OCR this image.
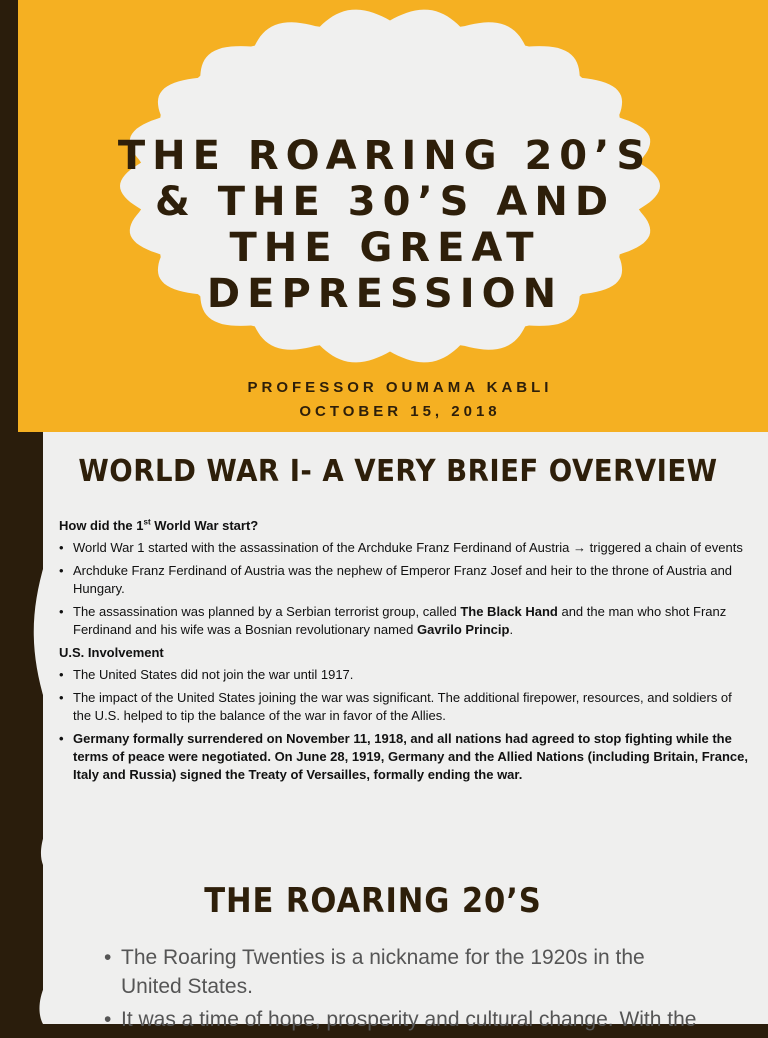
THE ROARING 20’S & THE 30’S AND THE GREAT DEPRESSION
PROFESSOR OUMAMA KABLI
OCTOBER 15, 2018
WORLD WAR I- A VERY BRIEF OVERVIEW
How did the 1st World War start?
• World War 1 started with the assassination of the Archduke Franz Ferdinand of Austria → triggered a chain of events
• Archduke Franz Ferdinand of Austria was the nephew of Emperor Franz Josef and heir to the throne of Austria and Hungary.
• The assassination was planned by a Serbian terrorist group, called The Black Hand and the man who shot Franz Ferdinand and his wife was a Bosnian revolutionary named Gavrilo Princip.
U.S. Involvement
• The United States did not join the war until 1917.
• The impact of the United States joining the war was significant. The additional firepower, resources, and soldiers of the U.S. helped to tip the balance of the war in favor of the Allies.
• Germany formally surrendered on November 11, 1918, and all nations had agreed to stop fighting while the terms of peace were negotiated. On June 28, 1919, Germany and the Allied Nations (including Britain, France, Italy and Russia) signed the Treaty of Versailles, formally ending the war.
THE ROARING 20’S
• The Roaring Twenties is a nickname for the 1920s in the United States.
• It was a time of hope, prosperity and cultural change. With the
